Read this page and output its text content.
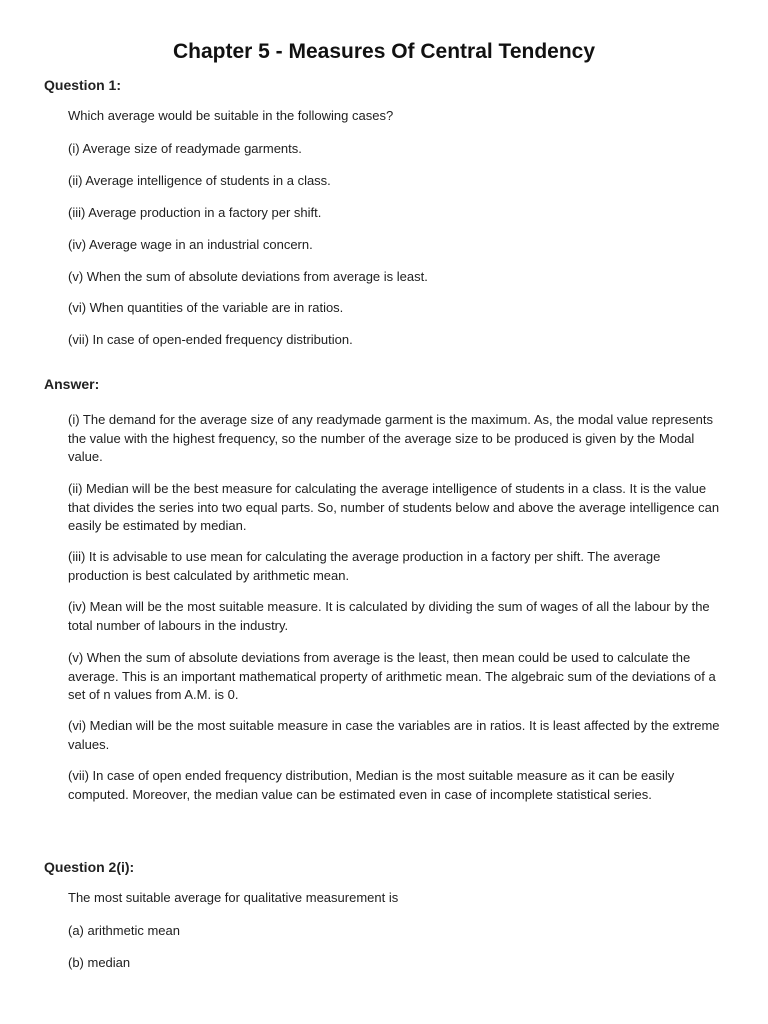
Chapter 5 - Measures Of Central Tendency
Question 1:
Which average would be suitable in the following cases?
(i) Average size of readymade garments.
(ii) Average intelligence of students in a class.
(iii) Average production in a factory per shift.
(iv) Average wage in an industrial concern.
(v) When the sum of absolute deviations from average is least.
(vi) When quantities of the variable are in ratios.
(vii) In case of open-ended frequency distribution.
Answer:
(i) The demand for the average size of any readymade garment is the maximum. As, the modal value represents the value with the highest frequency, so the number of the average size to be produced is given by the Modal value.
(ii) Median will be the best measure for calculating the average intelligence of students in a class. It is the value that divides the series into two equal parts. So, number of students below and above the average intelligence can easily be estimated by median.
(iii) It is advisable to use mean for calculating the average production in a factory per shift. The average production is best calculated by arithmetic mean.
(iv) Mean will be the most suitable measure. It is calculated by dividing the sum of wages of all the labour by the total number of labours in the industry.
(v) When the sum of absolute deviations from average is the least, then mean could be used to calculate the average. This is an important mathematical property of arithmetic mean. The algebraic sum of the deviations of a set of n values from A.M. is 0.
(vi) Median will be the most suitable measure in case the variables are in ratios. It is least affected by the extreme values.
(vii) In case of open ended frequency distribution, Median is the most suitable measure as it can be easily computed. Moreover, the median value can be estimated even in case of incomplete statistical series.
Question 2(i):
The most suitable average for qualitative measurement is
(a) arithmetic mean
(b) median
